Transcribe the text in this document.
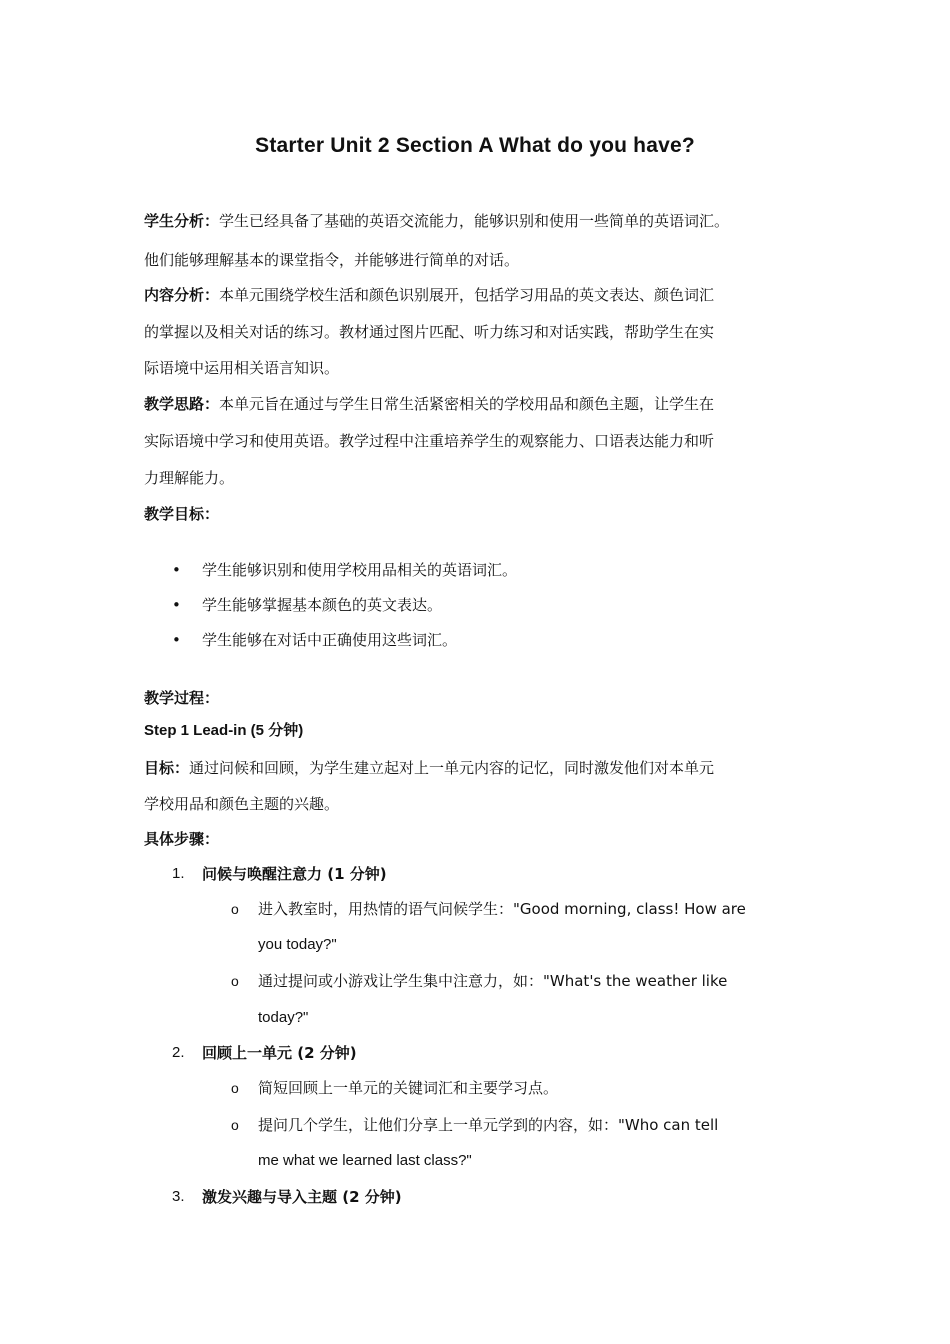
Starter Unit 2 Section A What do you have?
学生分析：学生已经具备了基础的英语交流能力，能够识别和使用一些简单的英语词汇。
他们能够理解基本的课堂指令，并能够进行简单的对话。
内容分析：本单元围绕学校生活和颜色识别展开，包括学习用品的英文表达、颜色词汇
的掌握以及相关对话的练习。教材通过图片匹配、听力练习和对话实践，帮助学生在实
际语境中运用相关语言知识。
教学思路：本单元旨在通过与学生日常生活紧密相关的学校用品和颜色主题，让学生在
实际语境中学习和使用英语。教学过程中注重培养学生的观察能力、口语表达能力和听
力理解能力。
教学目标：
• 学生能够识别和使用学校用品相关的英语词汇。
• 学生能够掌握基本颜色的英文表达。
• 学生能够在对话中正确使用这些词汇。
教学过程：
Step 1 Lead-in (5 分钟)
目标：通过问候和回顾，为学生建立起对上一单元内容的记忆，同时激发他们对本单元
学校用品和颜色主题的兴趣。
具体步骤：
1. 问候与唤醒注意力 (1 分钟)
o 进入教室时，用热情的语气问候学生："Good morning, class! How are
you today?"
o 通过提问或小游戏让学生集中注意力，如："What's the weather like
today?"
2. 回顾上一单元 (2 分钟)
o 简短回顾上一单元的关键词汇和主要学习点。
o 提问几个学生，让他们分享上一单元学到的内容，如："Who can tell
me what we learned last class?"
3. 激发兴趣与导入主题 (2 分钟)
